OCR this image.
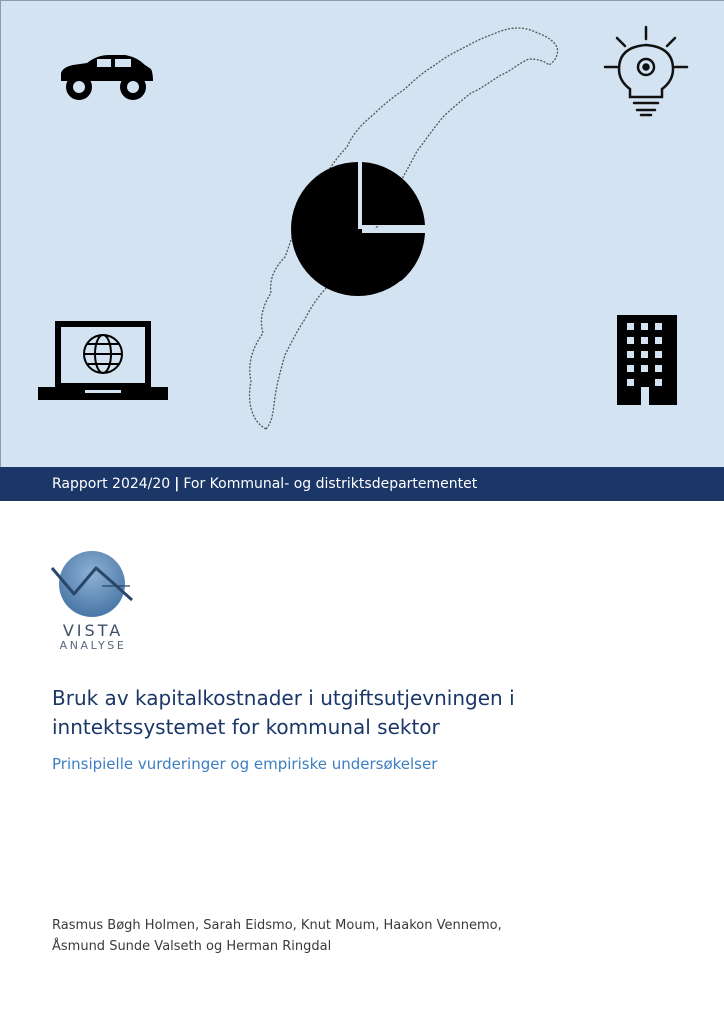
Rapport 2024/20 | For Kommunal- og distriktsdepartementet
VISTA
ANALYSE
Bruk av kapitalkostnader i utgiftsutjevningen i
inntektssystemet for kommunal sektor
Prinsipielle vurderinger og empiriske undersøkelser
Rasmus Bøgh Holmen, Sarah Eidsmo, Knut Moum, Haakon Vennemo,
Åsmund Sunde Valseth og Herman Ringdal
